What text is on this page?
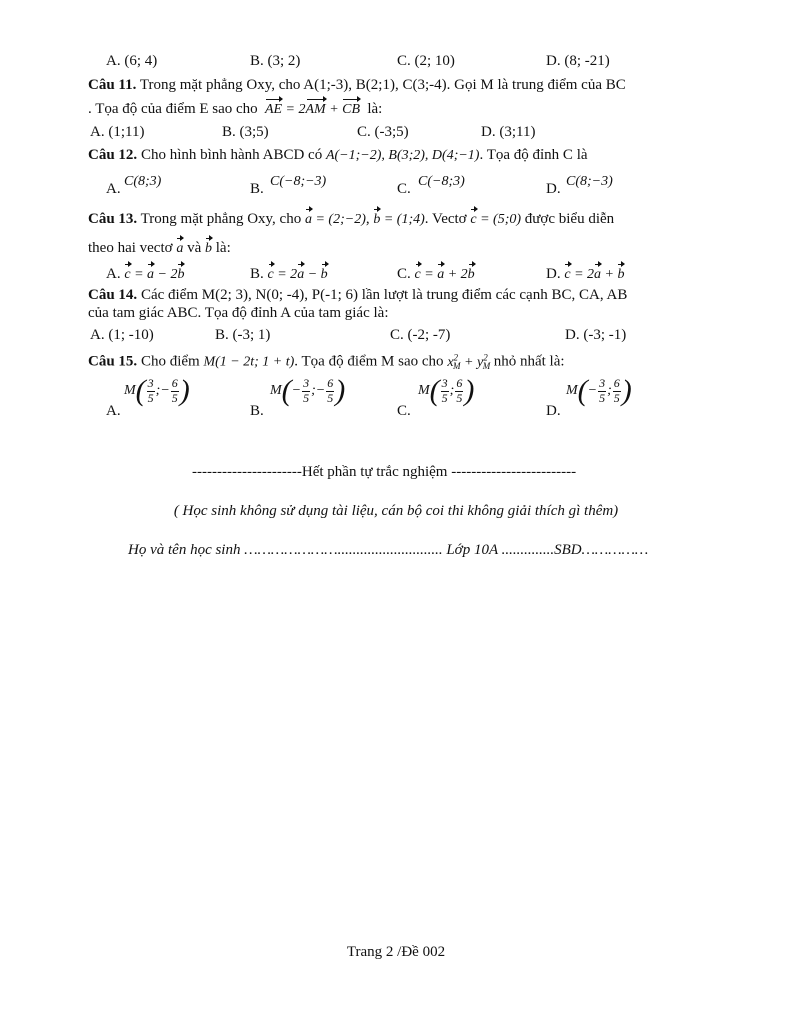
A. (6; 4)	B. (3; 2)	C. (2; 10)	D. (8; -21)
Câu 11. Trong mặt phẳng Oxy, cho A(1;-3), B(2;1), C(3;-4). Gọi M là trung điểm của BC
. Tọa độ của điểm E sao cho AE = 2AM + CB là:
A. (1;11)	B. (3;5)	C. (-3;5)	D. (3;11)
Câu 12. Cho hình bình hành ABCD có A(−1;−2), B(3;2), D(4;−1). Tọa độ đỉnh C là
A. C(8;3)	B. C(−8;−3)	C. C(−8;3)	D. C(8;−3)
Câu 13. Trong mặt phẳng Oxy, cho a = (2;−2), b = (1;4). Vectơ c = (5;0) được biểu diễn
theo hai vectơ a và b là:
A. c = a − 2b	B. c = 2a − b	C. c = a + 2b	D. c = 2a + b
Câu 14. Các điểm M(2; 3), N(0; -4), P(-1; 6) lần lượt là trung điểm các cạnh BC, CA, AB
của tam giác ABC. Tọa độ đỉnh A của tam giác là:
A. (1; -10)	B. (-3; 1)	C. (-2; -7)	D. (-3; -1)
Câu 15. Cho điểm M(1 − 2t; 1 + t). Tọa độ điểm M sao cho $x^2_M + y^2_M$ nhỏ nhất là:
A.
$M( \frac{3}{5}$ ;− $\frac{6}{5}$ )
B.
$M(- \frac{3}{5}$ ;− $\frac{6}{5}$ )
C.
$M( \frac{3}{5}$ ; $\frac{6}{5}$ )
D.
$M(- \frac{3}{5}$ ; $\frac{6}{5}$ )
----------------------Hết phần tự trắc nghiệm -------------------------
( Học sinh không sử dụng tài liệu, cán bộ coi thi không giải thích gì thêm)
Họ và tên học sinh …………………............................ Lớp 10A ..............SBD……………
Trang 2 /Đề 002
